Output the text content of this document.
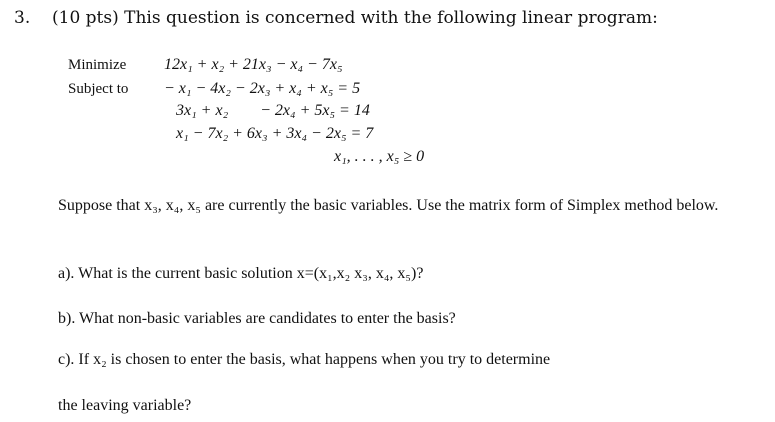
3. (10 pts) This question is concerned with the following linear program:
Minimize
Subject to
12x₁ + x₂ + 21x₃ − x₄ − 7x₅
− x₁ − 4x₂ − 2x₃ + x₄ + x₅ = 5
3x₁ + x₂        − 2x₄ + 5x₅ = 14
x₁ − 7x₂ + 6x₃ + 3x₄ − 2x₅ = 7
x₁, . . . , x₅ ≥ 0
Suppose that x₃, x₄, x₅ are currently the basic variables. Use the matrix form of Simplex method below.
a). What is the current basic solution x=(x₁,x₂ x₃, x₄, x₅)?
b). What non-basic variables are candidates to enter the basis?
c). If x₂ is chosen to enter the basis, what happens when you try to determine
the leaving variable?
